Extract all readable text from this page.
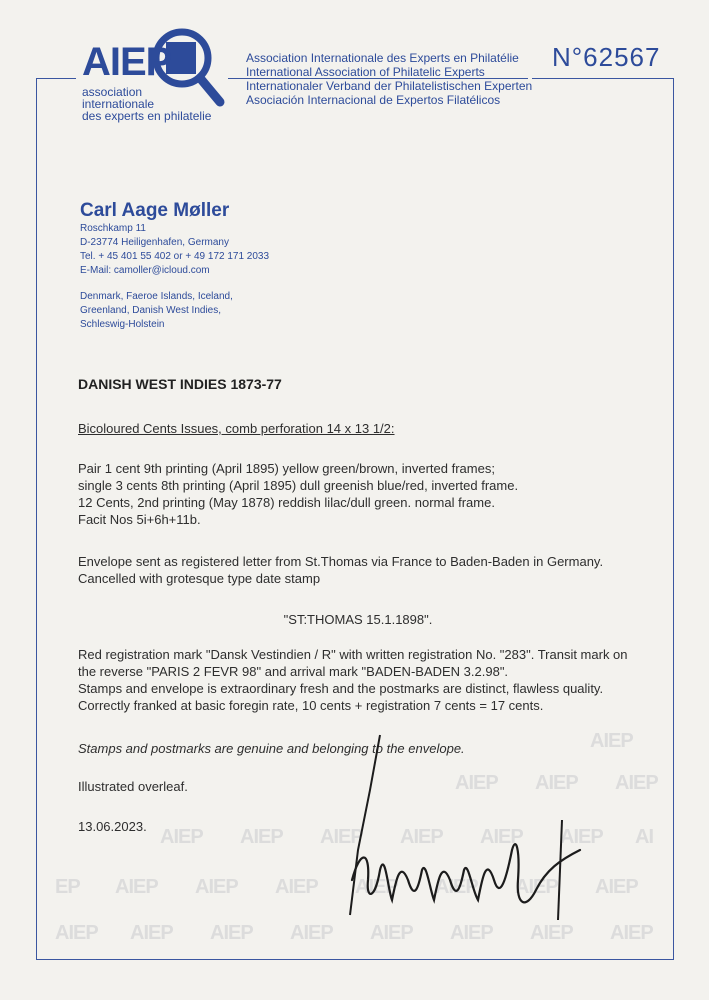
AIEP
AIEP AIEP AIEP
AIEP AIEP AIEP AIEP AIEP AIEP AI
EP AIEP AIEP AIEP AIEP AIEP AIEP AIEP
AIEP AIEP AIEP AIEP AIEP AIEP AIEP AIEP
AIEP
association
internationale
des experts en philatelie
Association Internationale des Experts en Philatélie
International Association of Philatelic Experts
Internationaler Verband der Philatelistischen Experten
Asociación Internacional de Expertos Filatélicos
N°62567
Carl Aage Møller
Roschkamp 11
D-23774 Heiligenhafen, Germany
Tel. + 45 401 55 402 or + 49 172 171 2033
E-Mail: camoller@icloud.com
Denmark, Faeroe Islands, Iceland,
Greenland, Danish West Indies,
Schleswig-Holstein
DANISH WEST INDIES 1873-77
Bicoloured Cents Issues, comb perforation 14 x 13 1/2:
Pair 1 cent 9th printing (April 1895) yellow green/brown, inverted frames;
single 3 cents 8th printing (April 1895) dull greenish blue/red, inverted frame.
12 Cents, 2nd printing (May 1878) reddish lilac/dull green. normal frame.
Facit Nos 5i+6h+11b.
Envelope sent as registered letter from St.Thomas via France to Baden-Baden in Germany.
Cancelled with grotesque type date stamp
"ST:THOMAS 15.1.1898".
Red registration mark "Dansk Vestindien / R" with written registration No. "283". Transit mark on
the reverse "PARIS 2 FEVR 98" and arrival mark "BADEN-BADEN 3.2.98".
Stamps and envelope is extraordinary fresh and the postmarks are distinct, flawless quality.
Correctly franked at basic foregin rate, 10 cents + registration 7 cents = 17 cents.
Stamps and postmarks are genuine and belonging to the envelope.
Illustrated overleaf.
13.06.2023.
